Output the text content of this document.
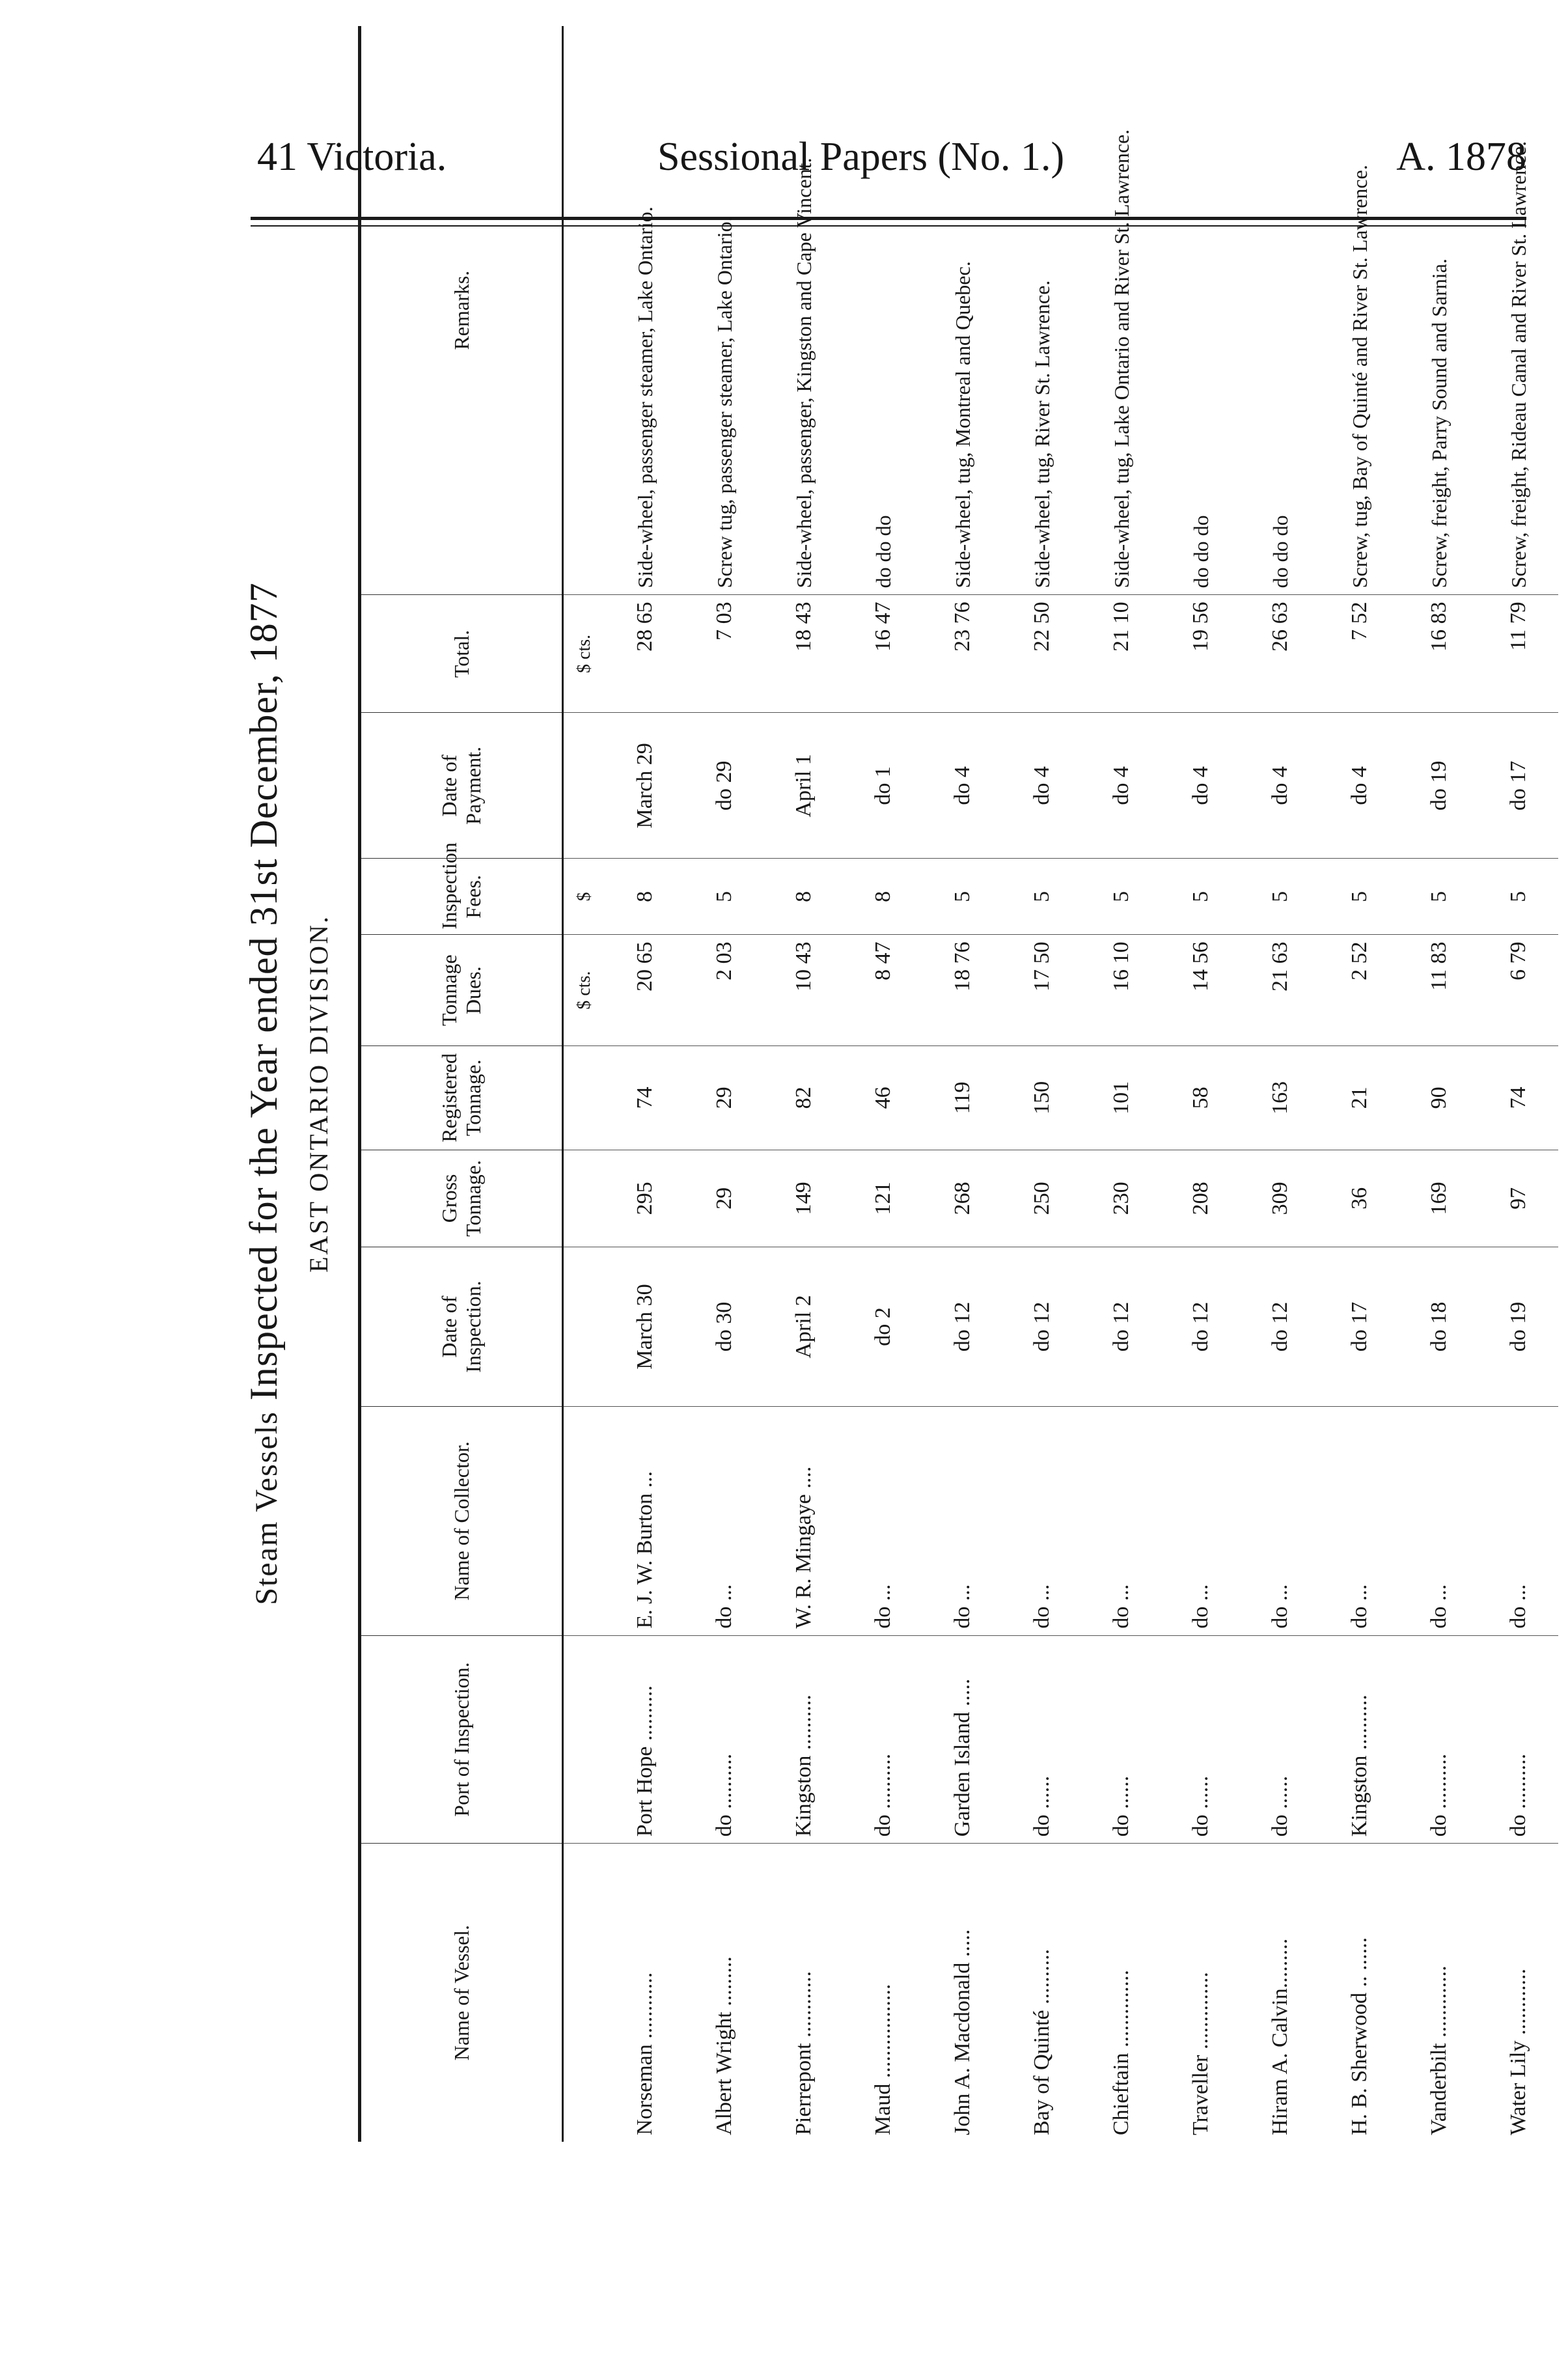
41 Victoria.	Sessional Papers (No. 1.)	A. 1878
Steam Vessels Inspected for the Year ended 31st December, 1877 EAST ONTARIO DIVISION.
Name of Vessel.	Port of Inspection.	Name of Collector.	Date of Inspection.	Gross Tonnage.	Registered Tonnage.	Tonnage Dues.	Inspection Fees.	Date of Payment.	Total.	Remarks.
						$ cts.	$		$ cts.	
Norseman ............	Port Hope ..........	E. J. W. Burton ...	March 30	295	74	20 65	8	March 29	28 65	Side-wheel, passenger steamer, Lake Ontario.
Albert Wright .........	do ..........	do ...	do 30	29	29	2 03	5	do 29	7 03	Screw tug, passenger steamer, Lake Ontario.
Pierrepont ............	Kingston ..........	W. R. Mingaye ....	April 2	149	82	10 43	8	April 1	18 43	Side-wheel, passenger, Kingston and Cape Vincent.
Maud .................	do ..........	do ...	do 2	121	46	8 47	8	do 1	16 47	do do do
John A. Macdonald .....	Garden Island .....	do ...	do 12	268	119	18 76	5	do 4	23 76	Side-wheel, tug, Montreal and Quebec.
Bay of Quinté ..........	do ......	do ...	do 12	250	150	17 50	5	do 4	22 50	Side-wheel, tug, River St. Lawrence.
Chieftain ..............	do ......	do ...	do 12	230	101	16 10	5	do 4	21 10	Side-wheel, tug, Lake Ontario and River St. Lawrence.
Traveller ..............	do ......	do ...	do 12	208	58	14 56	5	do 4	19 56	do do do
Hiram A. Calvin.........	do ......	do ...	do 12	309	163	21 63	5	do 4	26 63	do do do
H. B. Sherwood .. ......	Kingston ..........	do ...	do 17	36	21	2 52	5	do 4	7 52	Screw, tug, Bay of Quinté and River St. Lawrence.
Vanderbilt .............	do ..........	do ...	do 18	169	90	11 83	5	do 19	16 83	Screw, freight, Parry Sound and Sarnia.
Water Lily ............	do ..........	do ...	do 19	97	74	6 79	5	do 17	11 79	Screw, freight, Rideau Canal and River St. Lawrence.
